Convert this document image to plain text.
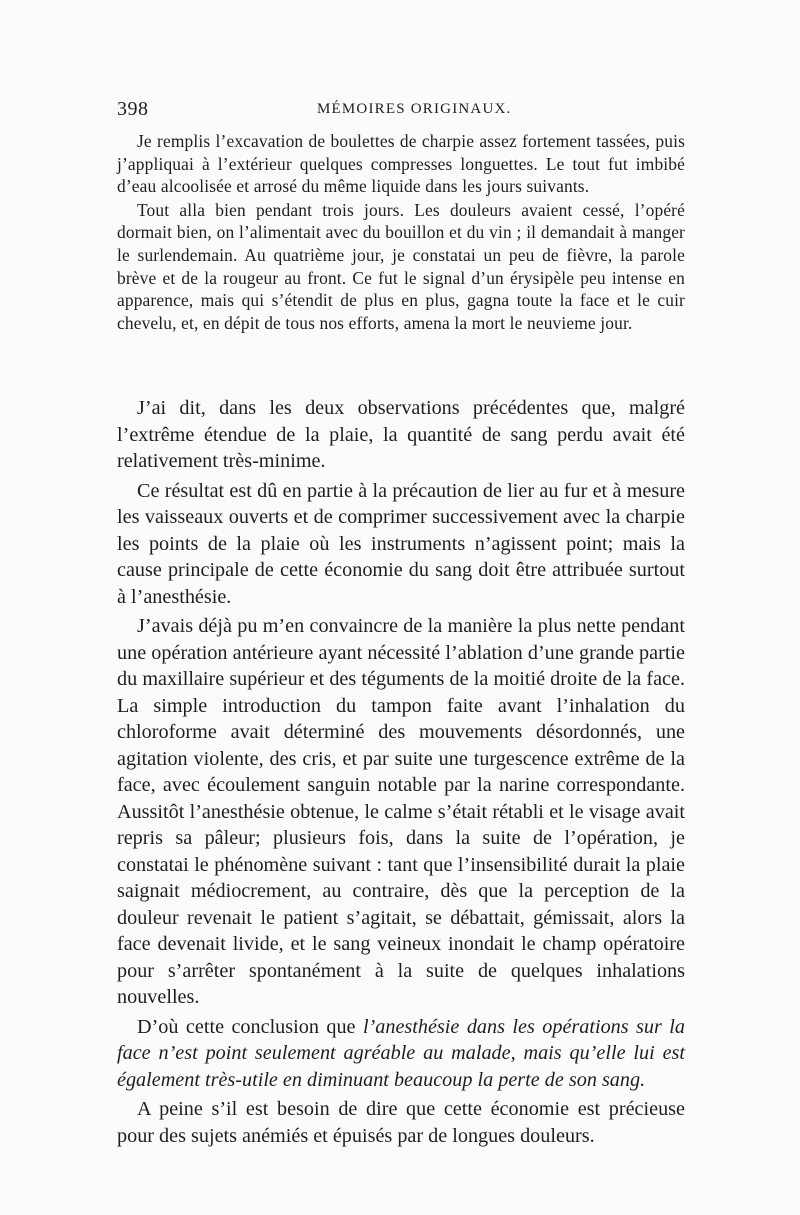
398	MÉMOIRES ORIGINAUX.

Je remplis l’excavation de boulettes de charpie assez fortement tassées, puis j’appliquai à l’extérieur quelques compresses longuettes. Le tout fut imbibé d’eau alcoolisée et arrosé du même liquide dans les jours suivants.

Tout alla bien pendant trois jours. Les douleurs avaient cessé, l’opéré dormait bien, on l’alimentait avec du bouillon et du vin ; il demandait à manger le surlendemain. Au quatrième jour, je constatai un peu de fièvre, la parole brève et de la rougeur au front. Ce fut le signal d’un érysipèle peu intense en apparence, mais qui s’étendit de plus en plus, gagna toute la face et le cuir chevelu, et, en dépit de tous nos efforts, amena la mort le neuvieme jour.

J’ai dit, dans les deux observations précédentes que, malgré l’extrême étendue de la plaie, la quantité de sang perdu avait été relativement très-minime.

Ce résultat est dû en partie à la précaution de lier au fur et à mesure les vaisseaux ouverts et de comprimer successivement avec la charpie les points de la plaie où les instruments n’agissent point; mais la cause principale de cette économie du sang doit être attribuée surtout à l’anesthésie.

J’avais déjà pu m’en convaincre de la manière la plus nette pendant une opération antérieure ayant nécessité l’ablation d’une grande partie du maxillaire supérieur et des téguments de la moitié droite de la face. La simple introduction du tampon faite avant l’inhalation du chloroforme avait déterminé des mouvements désordonnés, une agitation violente, des cris, et par suite une turgescence extrême de la face, avec écoulement sanguin notable par la narine correspondante. Aussitôt l’anesthésie obtenue, le calme s’était rétabli et le visage avait repris sa pâleur; plusieurs fois, dans la suite de l’opération, je constatai le phénomène suivant : tant que l’insensibilité durait la plaie saignait médiocrement, au contraire, dès que la perception de la douleur revenait le patient s’agitait, se débattait, gémissait, alors la face devenait livide, et le sang veineux inondait le champ opératoire pour s’arrêter spontanément à la suite de quelques inhalations nouvelles.

D’où cette conclusion que l’anesthésie dans les opérations sur la face n’est point seulement agréable au malade, mais qu’elle lui est également très-utile en diminuant beaucoup la perte de son sang.

A peine s’il est besoin de dire que cette économie est précieuse pour des sujets anémiés et épuisés par de longues douleurs.
